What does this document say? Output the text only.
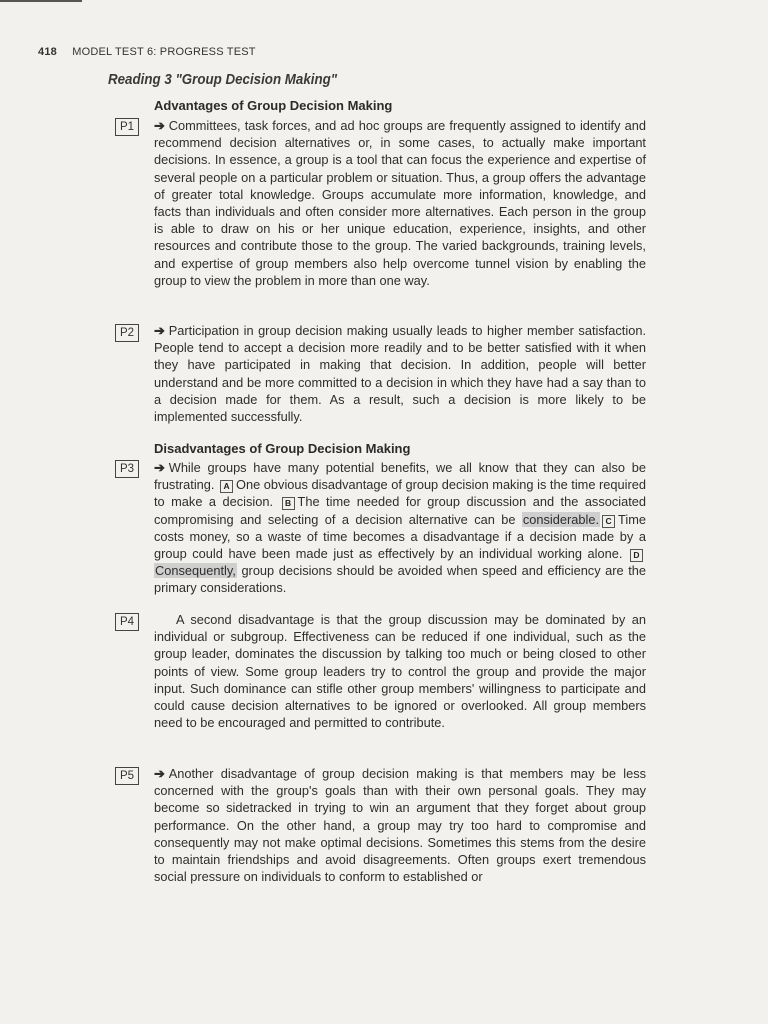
418 MODEL TEST 6: PROGRESS TEST
Reading 3 "Group Decision Making"
Advantages of Group Decision Making
P1	➔ Committees, task forces, and ad hoc groups are frequently assigned to identify and recommend decision alternatives or, in some cases, to actually make important decisions. In essence, a group is a tool that can focus the experience and expertise of several people on a particular problem or situation. Thus, a group offers the advantage of greater total knowledge. Groups accumulate more information, knowledge, and facts than individuals and often consider more alternatives. Each person in the group is able to draw on his or her unique education, experience, insights, and other resources and contribute those to the group. The varied backgrounds, training levels, and expertise of group members also help overcome tunnel vision by enabling the group to view the problem in more than one way.
P2	➔ Participation in group decision making usually leads to higher member satisfaction. People tend to accept a decision more readily and to be better satisfied with it when they have participated in making that decision. In addition, people will better understand and be more committed to a decision in which they have had a say than to a decision made for them. As a result, such a decision is more likely to be implemented successfully.
Disadvantages of Group Decision Making
P3	➔ While groups have many potential benefits, we all know that they can also be frustrating. A One obvious disadvantage of group decision making is the time required to make a decision. B The time needed for group discussion and the associated compromising and selecting of a decision alternative can be considerable. C Time costs money, so a waste of time becomes a disadvantage if a decision made by a group could have been made just as effectively by an individual working alone. DConsequently, group decisions should be avoided when speed and efficiency are the primary considerations.
P4	A second disadvantage is that the group discussion may be dominated by an individual or subgroup. Effectiveness can be reduced if one individual, such as the group leader, dominates the discussion by talking too much or being closed to other points of view. Some group leaders try to control the group and provide the major input. Such dominance can stifle other group members' willingness to participate and could cause decision alternatives to be ignored or overlooked. All group members need to be encouraged and permitted to contribute.
P5	➔ Another disadvantage of group decision making is that members may be less concerned with the group's goals than with their own personal goals. They may become so sidetracked in trying to win an argument that they forget about group performance. On the other hand, a group may try too hard to compromise and consequently may not make optimal decisions. Sometimes this stems from the desire to maintain friendships and avoid disagreements. Often groups exert tremendous social pressure on individuals to conform to established or
